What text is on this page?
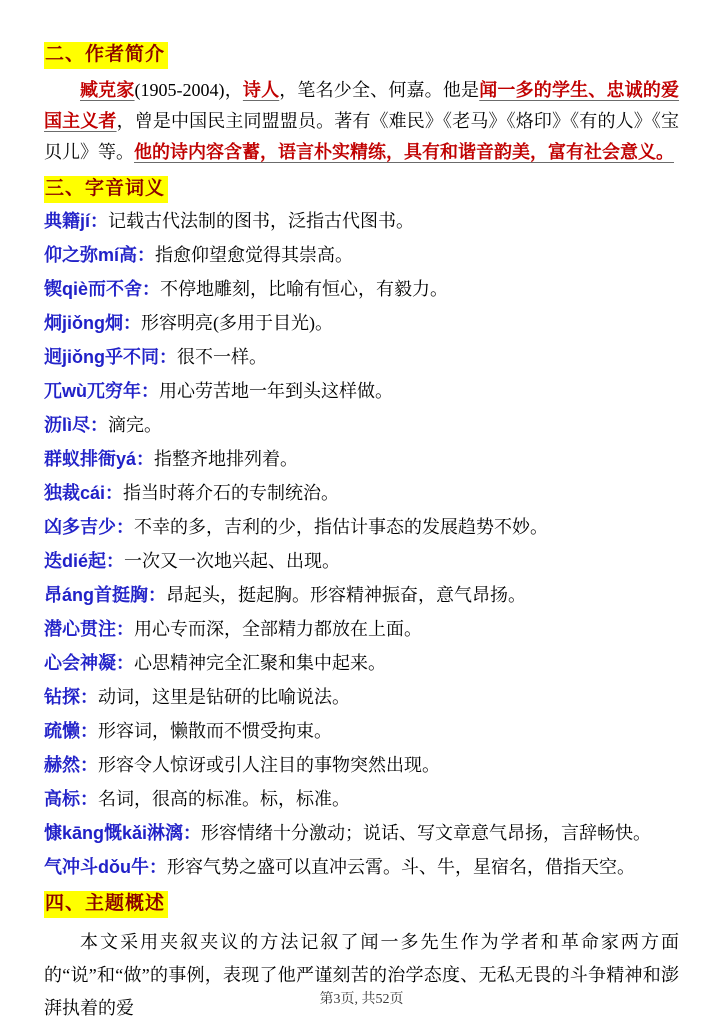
二、作者简介

臧克家(1905-2004)，诗人，笔名少全、何嘉。他是闻一多的学生、忠诚的爱国主义者，曾是中国民主同盟盟员。著有《难民》《老马》《烙印》《有的人》《宝贝儿》等。他的诗内容含蓄，语言朴实精练，具有和谐音韵美，富有社会意义。

三、字音词义
典籍jí：记载古代法制的图书，泛指古代图书。
仰之弥mí高：指愈仰望愈觉得其崇高。
锲qiè而不舍：不停地雕刻，比喻有恒心，有毅力。
炯jiǒng炯：形容明亮(多用于目光)。
迥jiǒng乎不同：很不一样。
兀wù兀穷年：用心劳苦地一年到头这样做。
沥lì尽：滴完。
群蚁排衙yá：指整齐地排列着。
独裁cái：指当时蒋介石的专制统治。
凶多吉少：不幸的多，吉利的少，指估计事态的发展趋势不妙。
迭dié起：一次又一次地兴起、出现。
昂áng首挺胸：昂起头，挺起胸。形容精神振奋，意气昂扬。
潜心贯注：用心专而深，全部精力都放在上面。
心会神凝：心思精神完全汇聚和集中起来。
钻探：动词，这里是钻研的比喻说法。
疏懒：形容词，懒散而不惯受拘束。
赫然：形容令人惊讶或引人注目的事物突然出现。
高标：名词，很高的标准。标，标准。
慷kāng慨kǎi淋漓：形容情绪十分激动；说话、写文章意气昂扬，言辞畅快。
气冲斗dǒu牛：形容气势之盛可以直冲云霄。斗、牛，星宿名，借指天空。
四、主题概述

本文采用夹叙夹议的方法记叙了闻一多先生作为学者和革命家两方面的“说”和“做”的事例，表现了他严谨刻苦的治学态度、无私无畏的斗争精神和澎湃执着的爱	第3页, 共52页
